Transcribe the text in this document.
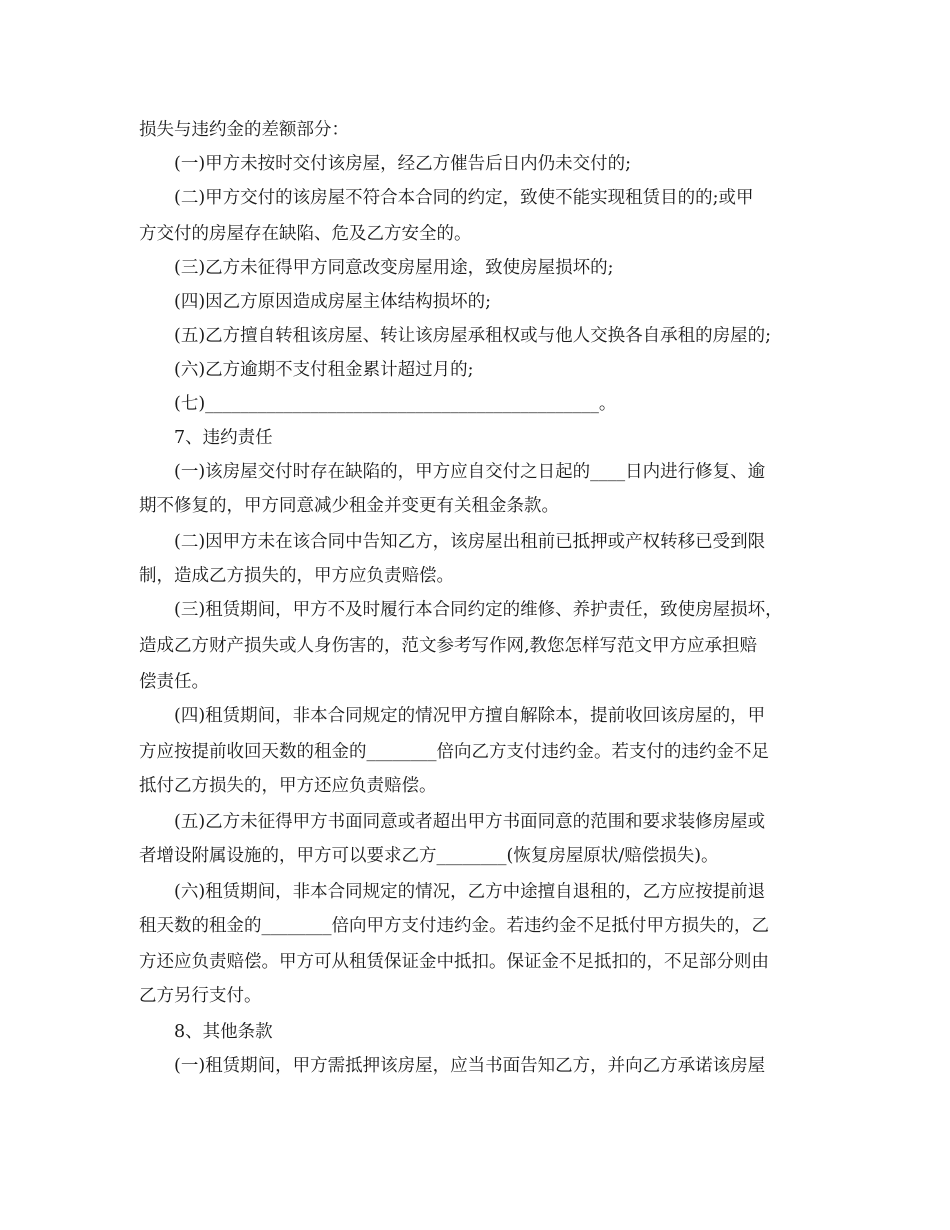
损失与违约金的差额部分：
(一)甲方未按时交付该房屋，经乙方催告后日内仍未交付的;
(二)甲方交付的该房屋不符合本合同的约定，致使不能实现租赁目的的;或甲
方交付的房屋存在缺陷、危及乙方安全的。
(三)乙方未征得甲方同意改变房屋用途，致使房屋损坏的;
(四)因乙方原因造成房屋主体结构损坏的;
(五)乙方擅自转租该房屋、转让该房屋承租权或与他人交换各自承租的房屋的;
(六)乙方逾期不支付租金累计超过月的;
(七)_____________________________________________。
7、违约责任
(一)该房屋交付时存在缺陷的，甲方应自交付之日起的____日内进行修复、逾
期不修复的，甲方同意减少租金并变更有关租金条款。
(二)因甲方未在该合同中告知乙方，该房屋出租前已抵押或产权转移已受到限
制，造成乙方损失的，甲方应负责赔偿。
(三)租赁期间，甲方不及时履行本合同约定的维修、养护责任，致使房屋损坏，
造成乙方财产损失或人身伤害的，范文参考写作网,教您怎样写范文甲方应承担赔
偿责任。
(四)租赁期间，非本合同规定的情况甲方擅自解除本，提前收回该房屋的，甲
方应按提前收回天数的租金的________倍向乙方支付违约金。若支付的违约金不足
抵付乙方损失的，甲方还应负责赔偿。
(五)乙方未征得甲方书面同意或者超出甲方书面同意的范围和要求装修房屋或
者增设附属设施的，甲方可以要求乙方________(恢复房屋原状/赔偿损失)。
(六)租赁期间，非本合同规定的情况，乙方中途擅自退租的，乙方应按提前退
租天数的租金的________倍向甲方支付违约金。若违约金不足抵付甲方损失的，乙
方还应负责赔偿。甲方可从租赁保证金中抵扣。保证金不足抵扣的，不足部分则由
乙方另行支付。
8、其他条款
(一)租赁期间，甲方需抵押该房屋，应当书面告知乙方，并向乙方承诺该房屋
